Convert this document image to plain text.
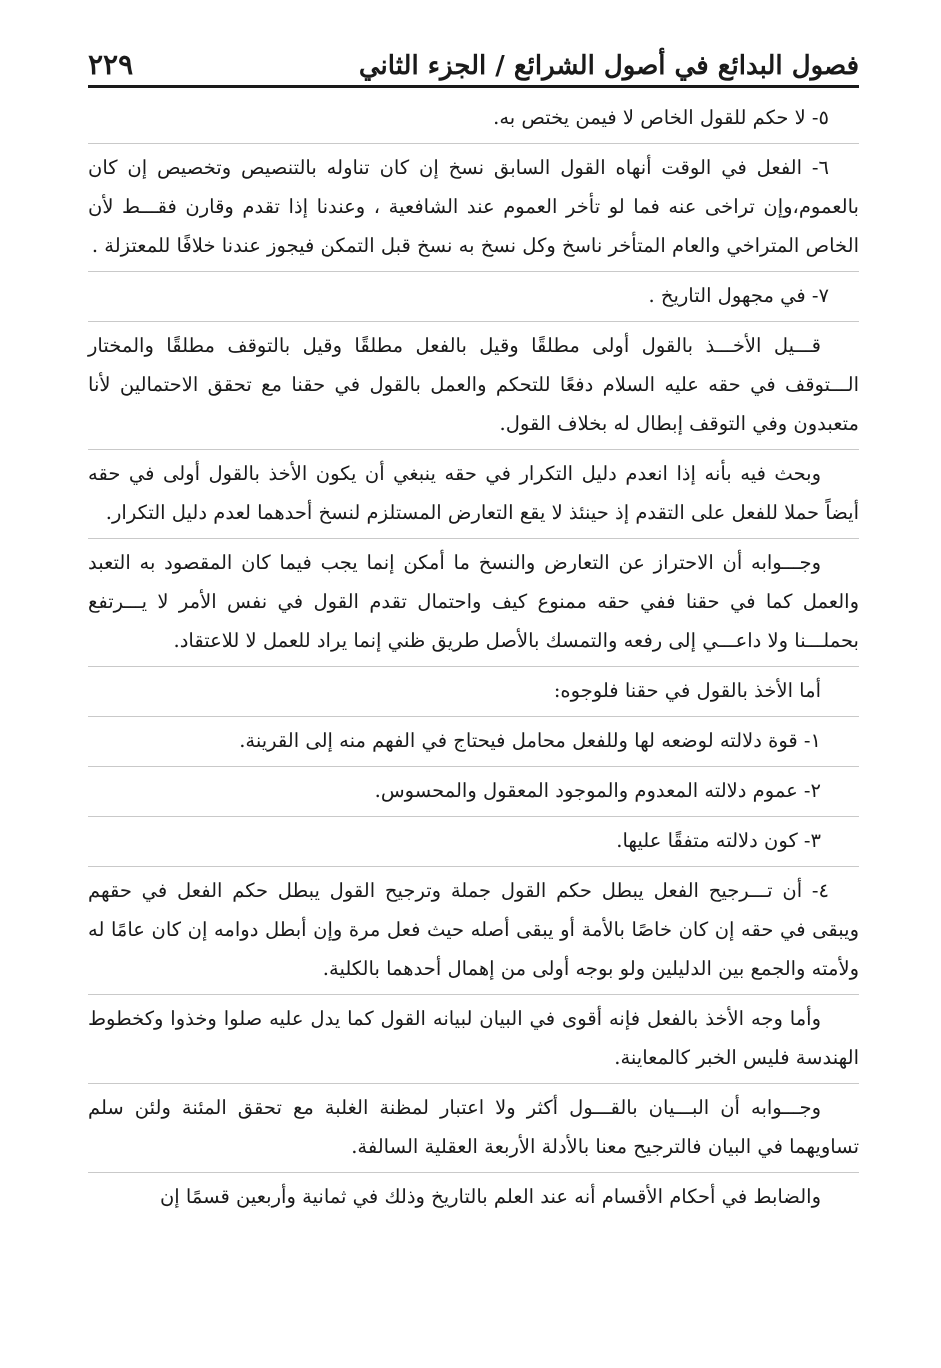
فصول البدائع في أصول الشرائع / الجزء الثاني
٢٢٩

٥- لا حكم للقول الخاص لا فيمن يختص به.

٦- الفعل في الوقت أنهاه القول السابق نسخ إن كان تناوله بالتنصيص وتخصيص إن كان بالعموم،وإن تراخى عنه فما لو تأخر العموم عند الشافعية ، وعندنا إذا تقدم وقارن فقـــط لأن الخاص المتراخي والعام المتأخر ناسخ وكل نسخ به نسخ قبل التمكن فيجوز عندنا خلافًا للمعتزلة .

٧- في مجهول التاريخ .

قـــيل الأخـــذ بالقول أولى مطلقًا وقيل بالفعل مطلقًا وقيل بالتوقف مطلقًا والمختار الـــتوقف في حقه عليه السلام دفعًا للتحكم والعمل بالقول في حقنا مع تحقق الاحتمالين لأنا متعبدون وفي التوقف إبطال له بخلاف القول.

وبحث فيه بأنه إذا انعدم دليل التكرار في حقه ينبغي أن يكون الأخذ بالقول أولى في حقه أيضاً حملا للفعل على التقدم إذ حينئذ لا يقع التعارض المستلزم لنسخ أحدهما لعدم دليل التكرار.

وجـــوابه أن الاحتراز عن التعارض والنسخ ما أمكن إنما يجب فيما كان المقصود به التعبد والعمل كما في حقنا ففي حقه ممنوع كيف واحتمال تقدم القول في نفس الأمر لا يـــرتفع بحملـــنا ولا داعـــي إلى رفعه والتمسك بالأصل طريق ظني إنما يراد للعمل لا للاعتقاد.

أما الأخذ بالقول في حقنا فلوجوه:

١- قوة دلالته لوضعه لها وللفعل محامل فيحتاج في الفهم منه إلى القرينة.

٢- عموم دلالته المعدوم والموجود المعقول والمحسوس.

٣- كون دلالته متفقًا عليها.

٤- أن تـــرجيح الفعل يبطل حكم القول جملة وترجيح القول يبطل حكم الفعل في حقهم ويبقى في حقه إن كان خاصًا بالأمة أو يبقى أصله حيث فعل مرة وإن أبطل دوامه إن كان عامًا له ولأمته والجمع بين الدليلين ولو بوجه أولى من إهمال أحدهما بالكلية.

وأما وجه الأخذ بالفعل فإنه أقوى في البيان لبيانه القول كما يدل عليه صلوا وخذوا وكخطوط الهندسة فليس الخبر كالمعاينة.

وجـــوابه أن البـــيان بالقـــول أكثر ولا اعتبار لمظنة الغلبة مع تحقق المئنة ولئن سلم تساويهما في البيان فالترجيح معنا بالأدلة الأربعة العقلية السالفة.

والضابط في أحكام الأقسام أنه عند العلم بالتاريخ وذلك في ثمانية وأربعين قسمًا إن
